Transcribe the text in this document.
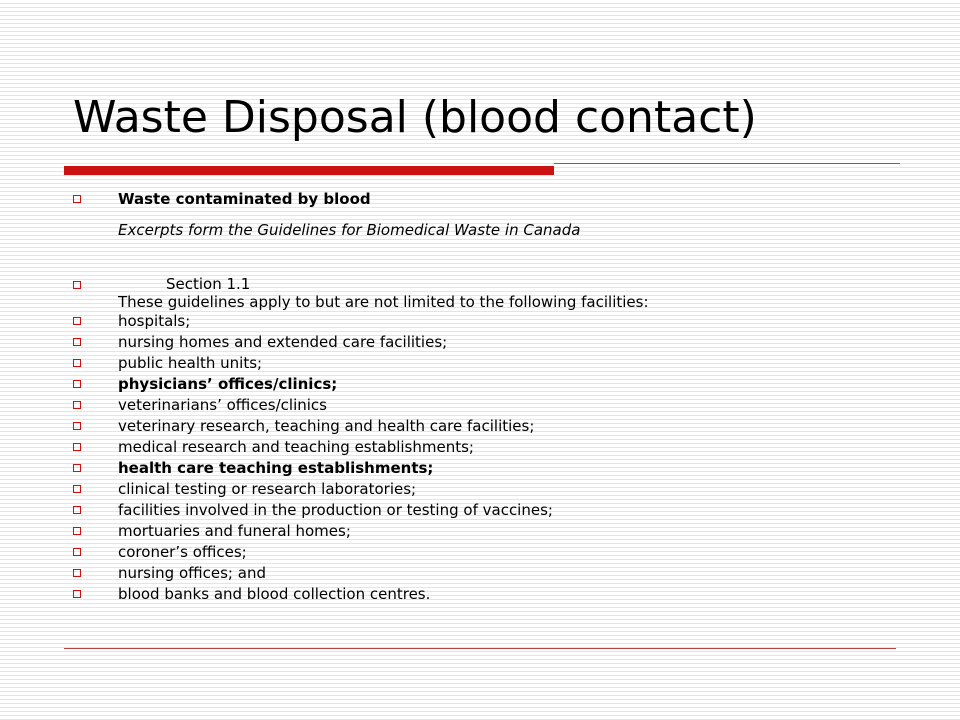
Waste Disposal (blood contact)
Waste contaminated by blood
Excerpts form the Guidelines for Biomedical Waste in Canada
Section 1.1
These guidelines apply to but are not limited to the following facilities:
hospitals;
nursing homes and extended care facilities;
public health units;
physicians’ offices/clinics;
veterinarians’ offices/clinics
veterinary research, teaching and health care facilities;
medical research and teaching establishments;
health care teaching establishments;
clinical testing or research laboratories;
facilities involved in the production or testing of vaccines;
mortuaries and funeral homes;
coroner’s offices;
nursing offices; and
blood banks and blood collection centres.
